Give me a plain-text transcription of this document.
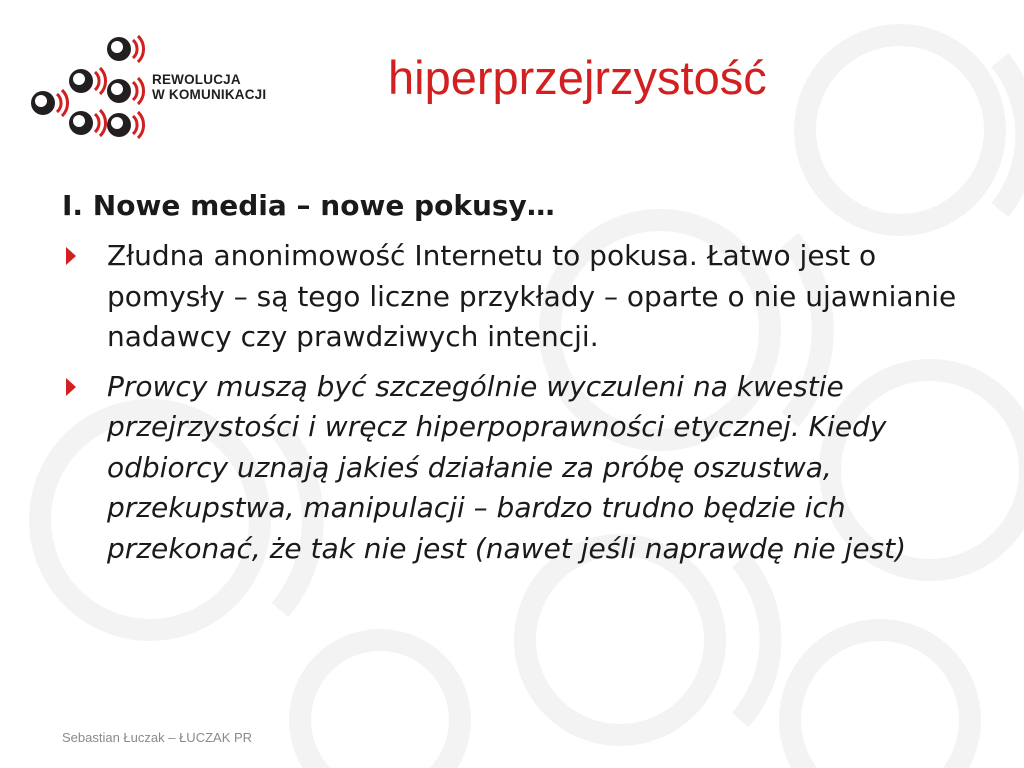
REWOLUCJA
W KOMUNIKACJI	hiperprzejrzystość
I. Nowe media – nowe pokusy…
Złudna anonimowość Internetu to pokusa. Łatwo jest o pomysły – są tego liczne przykłady – oparte o nie ujawnianie nadawcy czy prawdziwych intencji.
Prowcy muszą być szczególnie wyczuleni na kwestie przejrzystości i wręcz hiperpoprawności etycznej. Kiedy odbiorcy uznają jakieś działanie za próbę oszustwa, przekupstwa, manipulacji – bardzo trudno będzie ich przekonać, że tak nie jest (nawet jeśli naprawdę nie jest)
Sebastian Łuczak – ŁUCZAK PR
